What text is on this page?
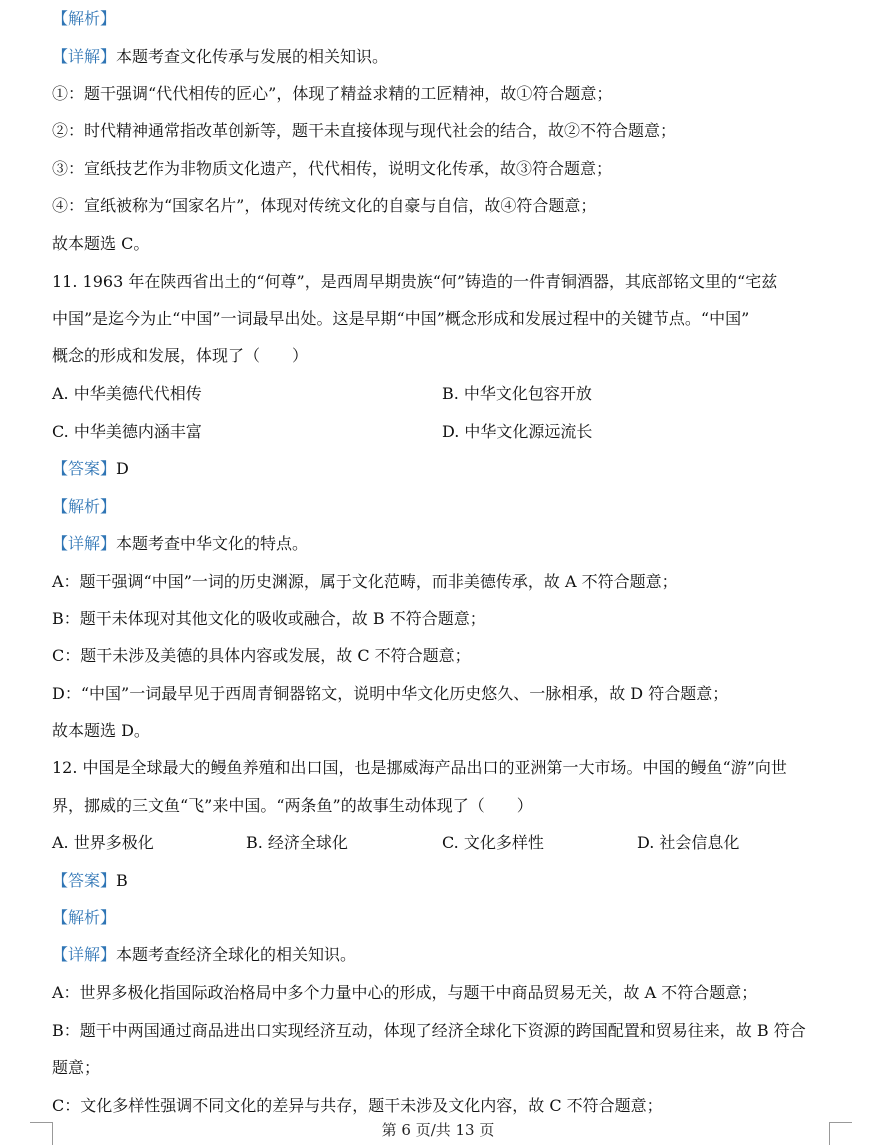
【解析】
【详解】本题考查文化传承与发展的相关知识。
①：题干强调“代代相传的匠心”，体现了精益求精的工匠精神，故①符合题意；
②：时代精神通常指改革创新等，题干未直接体现与现代社会的结合，故②不符合题意；
③：宣纸技艺作为非物质文化遗产，代代相传，说明文化传承，故③符合题意；
④：宣纸被称为“国家名片”，体现对传统文化的自豪与自信，故④符合题意；
故本题选 C。
11. 1963 年在陕西省出土的“何尊”，是西周早期贵族“何”铸造的一件青铜酒器，其底部铭文里的“宅兹
中国”是迄今为止“中国”一词最早出处。这是早期“中国”概念形成和发展过程中的关键节点。“中国”
概念的形成和发展，体现了（　　）
A. 中华美德代代相传	B. 中华文化包容开放
C. 中华美德内涵丰富	D. 中华文化源远流长
【答案】D
【解析】
【详解】本题考查中华文化的特点。
A：题干强调“中国”一词的历史渊源，属于文化范畴，而非美德传承，故 A 不符合题意；
B：题干未体现对其他文化的吸收或融合，故 B 不符合题意；
C：题干未涉及美德的具体内容或发展，故 C 不符合题意；
D：“中国”一词最早见于西周青铜器铭文，说明中华文化历史悠久、一脉相承，故 D 符合题意；
故本题选 D。
12. 中国是全球最大的鳗鱼养殖和出口国，也是挪威海产品出口的亚洲第一大市场。中国的鳗鱼“游”向世
界，挪威的三文鱼“飞”来中国。“两条鱼”的故事生动体现了（　　）
A. 世界多极化	B. 经济全球化	C. 文化多样性	D. 社会信息化
【答案】B
【解析】
【详解】本题考查经济全球化的相关知识。
A：世界多极化指国际政治格局中多个力量中心的形成，与题干中商品贸易无关，故 A 不符合题意；
B：题干中两国通过商品进出口实现经济互动，体现了经济全球化下资源的跨国配置和贸易往来，故 B 符合
题意；
C：文化多样性强调不同文化的差异与共存，题干未涉及文化内容，故 C 不符合题意；
第 6 页/共 13 页
